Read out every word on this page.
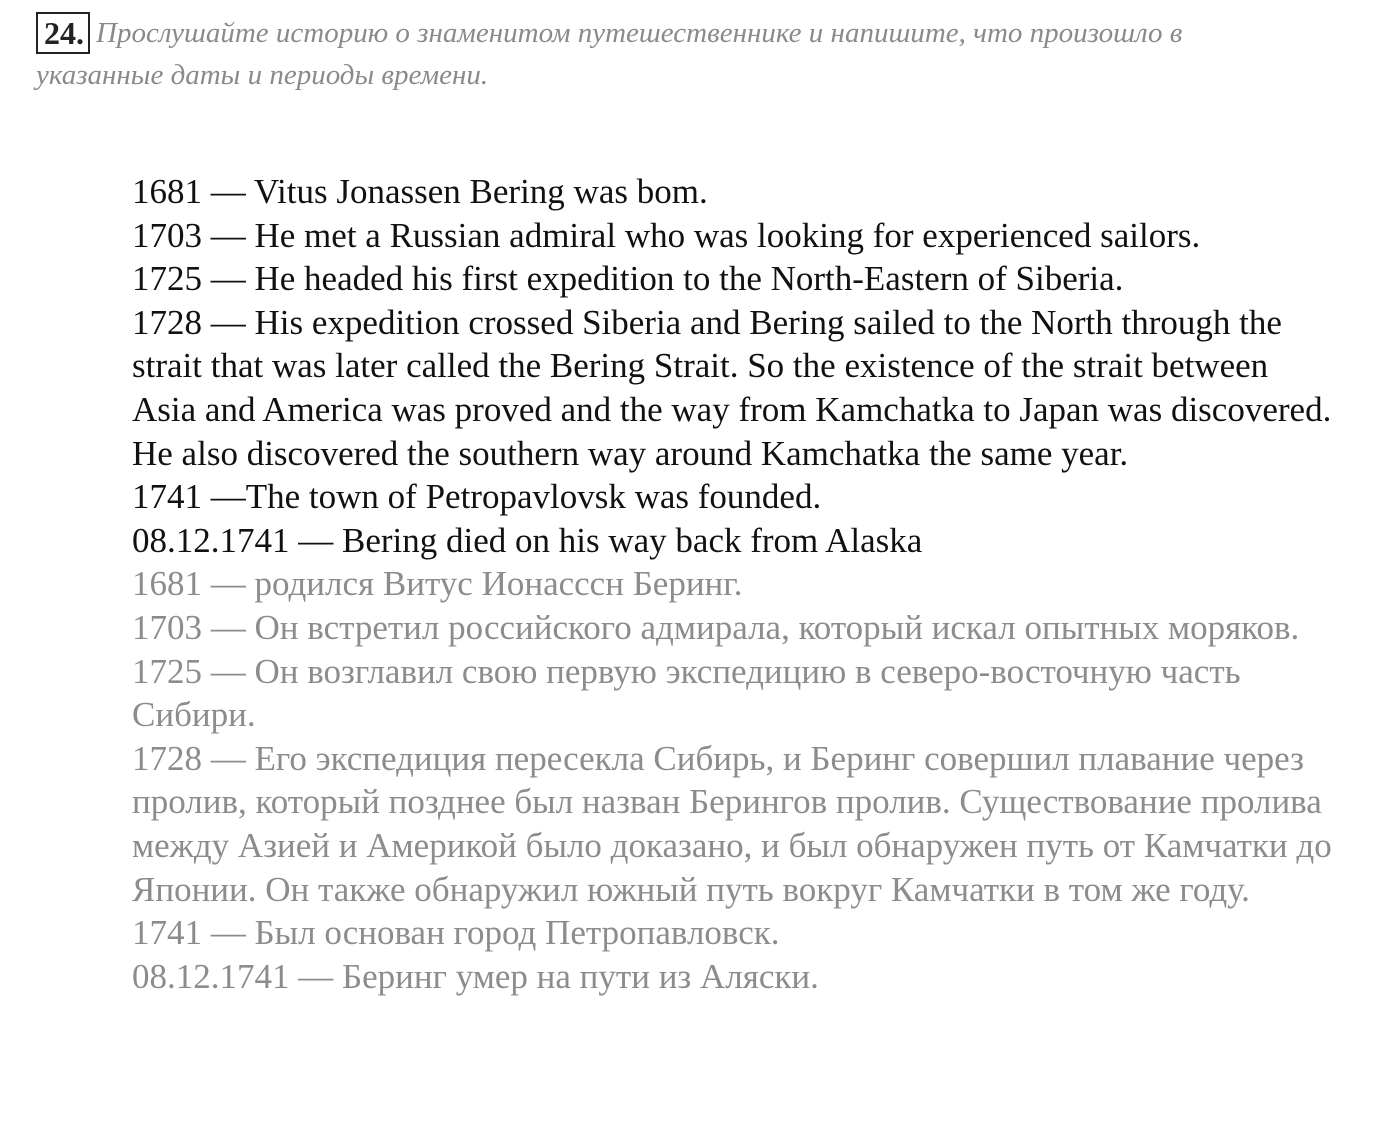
24. Прослушайте историю о знаменитом путешественнике и напишите, что произошло в указанные даты и периоды времени.

1681 — Vitus Jonassen Bering was bom.

1703 — He met a Russian admiral who was looking for experienced sailors.

1725 — He headed his first expedition to the North-Eastern of Siberia.

1728 — His expedition crossed Siberia and Bering sailed to the North through the strait that was later called the Bering Strait. So the existence of the strait between Asia and America was proved and the way from Kamchatka to Japan was discovered. He also discovered the southern way around Kamchatka the same year.

1741 —The town of Petropavlovsk was founded.

08.12.1741 — Bering died on his way back from Alaska

1681 — родился Витус Ионасссн Беринг.

1703 — Он встретил российского адмирала, который искал опытных моряков.

1725 — Он возглавил свою первую экспедицию в северо-восточную часть Сибири.

1728 — Его экспедиция пересекла Сибирь, и Беринг совершил плавание через пролив, который позднее был назван Берингов пролив. Существование пролива между Азией и Америкой было доказано, и был обнаружен путь от Камчатки до Японии. Он также обнаружил южный путь вокруг Камчатки в том же году.

1741 — Был основан город Петропавловск.

08.12.1741 — Беринг умер на пути из Аляски.
